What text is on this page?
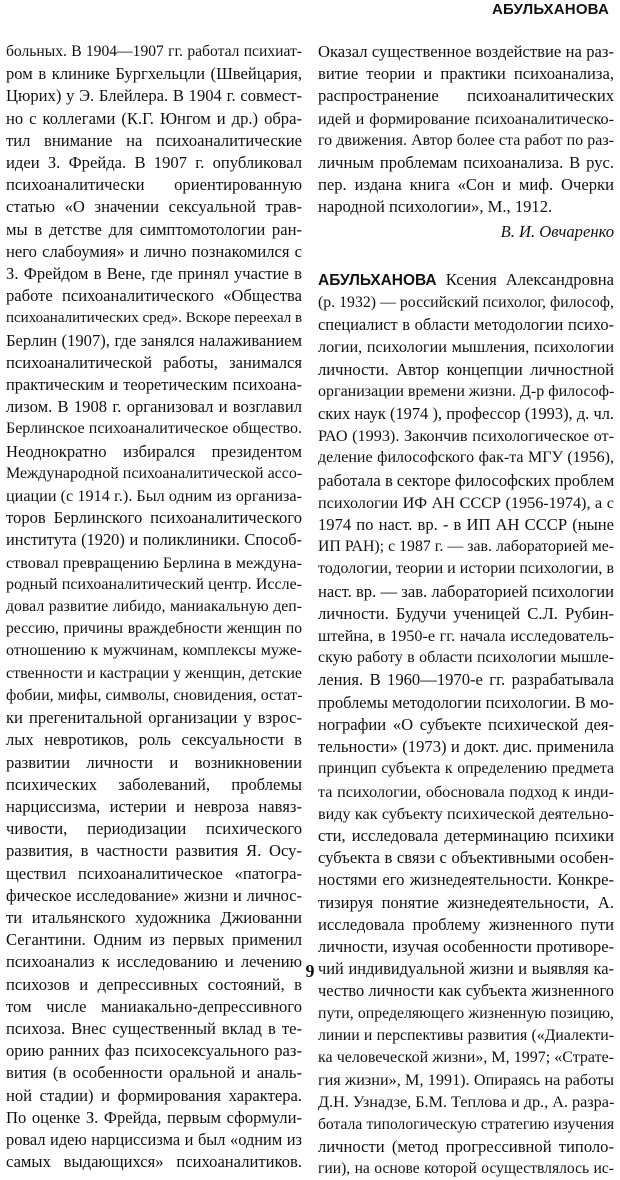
АБУЛЬХАНОВА
больных. В 1904—1907 гг. работал психиат-
ром в клинике Бургхельцли (Швейцария,
Цюрих) у Э. Блейлера. В 1904 г. совмест-
но с коллегами (К.Г. Юнгом и др.) обра-
тил внимание на психоаналитические
идеи З. Фрейда. В 1907 г. опубликовал
психоаналитически ориентированную
статью «О значении сексуальной трав-
мы в детстве для симптомотологии ран-
него слабоумия» и лично познакомился с
З. Фрейдом в Вене, где принял участие в
работе психоаналитического «Общества
психоаналитических сред». Вскоре переехал в
Берлин (1907), где занялся налаживанием
психоаналитической работы, занимался
практическим и теоретическим психоана-
лизом. В 1908 г. организовал и возглавил
Берлинское психоаналитическое общество.
Неоднократно избирался президентом
Международной психоаналитической ассо-
циации (с 1914 г.). Был одним из организа-
торов Берлинского психоаналитического
института (1920) и поликлиники. Способ-
ствовал превращению Берлина в междуна-
родный психоаналитический центр. Иссле-
довал развитие либидо, маниакальную деп-
рессию, причины враждебности женщин по
отношению к мужчинам, комплексы муже-
ственности и кастрации у женщин, детские
фобии, мифы, символы, сновидения, остат-
ки прегенитальной организации у взрос-
лых невротиков, роль сексуальности в
развитии личности и возникновении
психических заболеваний, проблемы
нарциссизма, истерии и невроза навяз-
чивости, периодизации психического
развития, в частности развития Я. Осу-
ществил психоаналитическое «патогра-
фическое исследование» жизни и личнос-
ти итальянского художника Джиованни
Сегантини. Одним из первых применил
психоанализ к исследованию и лечению
психозов и депрессивных состояний, в
том числе маниакально-депрессивного
психоза. Внес существенный вклад в те-
орию ранних фаз психосексуального раз-
вития (в особенности оральной и аналь-
ной стадии) и формирования характера.
По оценке З. Фрейда, первым сформули-
ровал идею нарциссизма и был «одним из
самых выдающихся» психоаналитиков.
Оказал существенное воздействие на раз-
витие теории и практики психоанализа,
распространение психоаналитических
идей и формирование психоаналитическо-
го движения. Автор более ста работ по раз-
личным проблемам психоанализа. В рус.
пер. издана книга «Сон и миф. Очерки
народной психологии», М., 1912.
В. И. Овчаренко
АБУЛЬХАНОВА Ксения Александровна
(р. 1932) — российский психолог, философ,
специалист в области методологии психо-
логии, психологии мышления, психологии
личности. Автор концепции личностной
организации времени жизни. Д-р философ-
ских наук (1974 ), профессор (1993), д. чл.
РАО (1993). Закончив психологическое от-
деление философского фак-та МГУ (1956),
работала в секторе философских проблем
психологии ИФ АН СССР (1956-1974), а с
1974 по наст. вр. - в ИП АН СССР (ныне
ИП РАН); с 1987 г. — зав. лабораторией ме-
тодологии, теории и истории психологии, в
наст. вр. — зав. лабораторией психологии
личности. Будучи ученицей С.Л. Рубин-
штейна, в 1950-е гг. начала исследователь-
скую работу в области психологии мышле-
ления. В 1960—1970-е гг. разрабатывала
проблемы методологии психологии. В мо-
нографии «О субъекте психической дея-
тельности» (1973) и докт. дис. применила
принцип субъекта к определению предмета
та психологии, обосновала подход к инди-
виду как субъекту психической деятельно-
сти, исследовала детерминацию психики
субъекта в связи с объективными особен-
ностями его жизнедеятельности. Конкре-
тизируя понятие жизнедеятельности, А.
исследовала проблему жизненного пути
личности, изучая особенности противоре-
чий индивидуальной жизни и выявляя ка-
чество личности как субъекта жизненного
пути, определяющего жизненную позицию,
линии и перспективы развития («Диалекти-
ка человеческой жизни», М, 1997; «Страте-
гия жизни», М, 1991). Опираясь на работы
Д.Н. Узнадзе, Б.М. Теплова и др., А. разра-
ботала типологическую стратегию изучения
личности (метод прогрессивной типоло-
гии), на основе которой осуществлялось ис-
9
